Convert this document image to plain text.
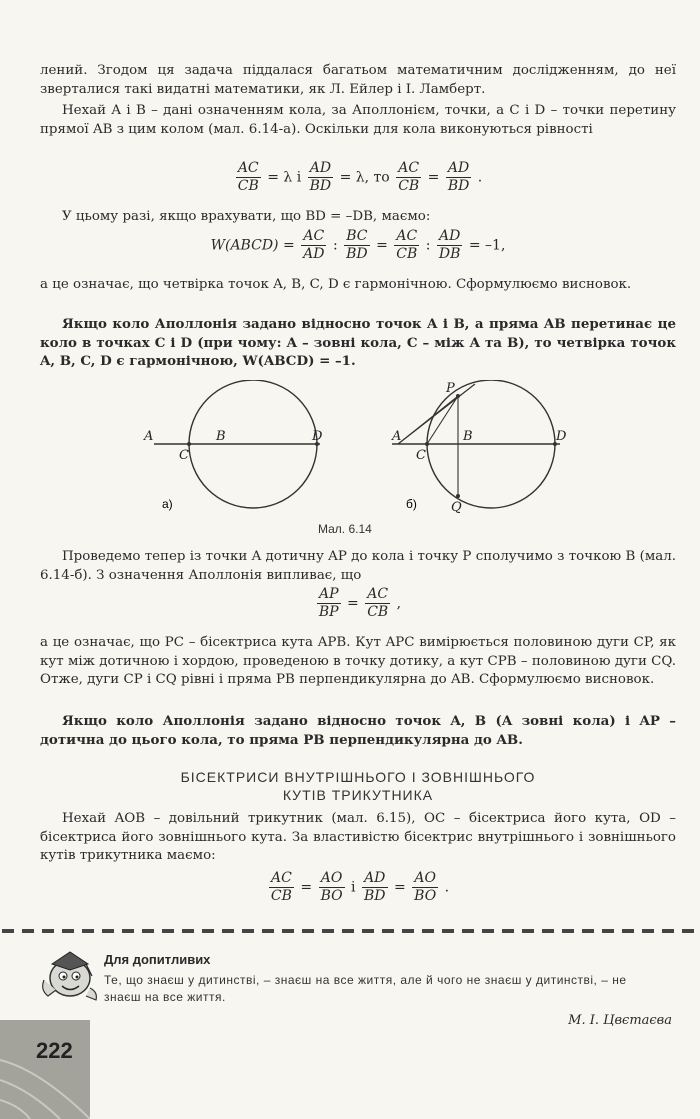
лений. Згодом ця задача піддалася багатьом математичним дослідженням, до неї зверталися такі видатні математики, як Л. Ейлер і І. Ламберт.
Нехай A і B – дані означенням кола, за Аполлонієм, точки, а C і D – точки перетину прямої AB з цим колом (мал. 6.14-а). Оскільки для кола виконуються рівності
$\frac{AC}{CB} = \lambda$ і $\frac{AD}{BD} = \lambda$, то $\frac{AC}{CB} = \frac{AD}{BD}$ .
У цьому разі, якщо врахувати, що BD = –DB, маємо:
W(ABCD) = $\frac{AC}{AD}$ : $\frac{BC}{BD} = \frac{AC}{CB}$ : $\frac{AD}{DB} = -1$,
а це означає, що четвірка точок A, B, C, D є гармонічною. Сформулюємо висновок.
Якщо коло Аполлонія задано відносно точок A і B, а пряма AB перетинає це коло в точках C і D (при чому: A – зовні кола, C – між A та B), то четвірка точок A, B, C, D є гармонічною, W(ABCD) = –1.
A	B
C
D
а)
A	B
C
D
P
Q
б)
Мал. 6.14
Проведемо тепер із точки A дотичну AP до кола і точку P сполучимо з точкою B (мал. 6.14-б). З означення Аполлонія випливає, що
$\frac{AP}{BP} = \frac{AC}{CB}$ ,
а це означає, що PC – бісектриса кута APB. Кут APC вимірюється половиною дуги CP, як кут між дотичною і хордою, проведеною в точку дотику, а кут CPB – половиною дуги CQ. Отже, дуги CP і CQ рівні і пряма PB перпендикулярна до AB. Сформулюємо висновок.
Якщо коло Аполлонія задано відносно точок A, B (A зовні кола) і AP – дотична до цього кола, то пряма PB перпендикулярна до AB.
БІСЕКТРИСИ ВНУТРІШНЬОГО І ЗОВНІШНЬОГО
КУТІВ ТРИКУТНИКА
Нехай AOB – довільний трикутник (мал. 6.15), OC – бісектриса його кута, OD – бісектриса його зовнішнього кута. За властивістю бісектрис внутрішнього і зовнішнього кутів трикутника маємо:
$\frac{AC}{CB} = \frac{AO}{BO}$ і $\frac{AD}{BD} = \frac{AO}{BO}$ .
Для допитливих
Те, що знаєш у дитинстві, – знаєш на все життя, але й чого не знаєш у дитинстві, – не знаєш на все життя.
М. І. Цвєтаєва
222
